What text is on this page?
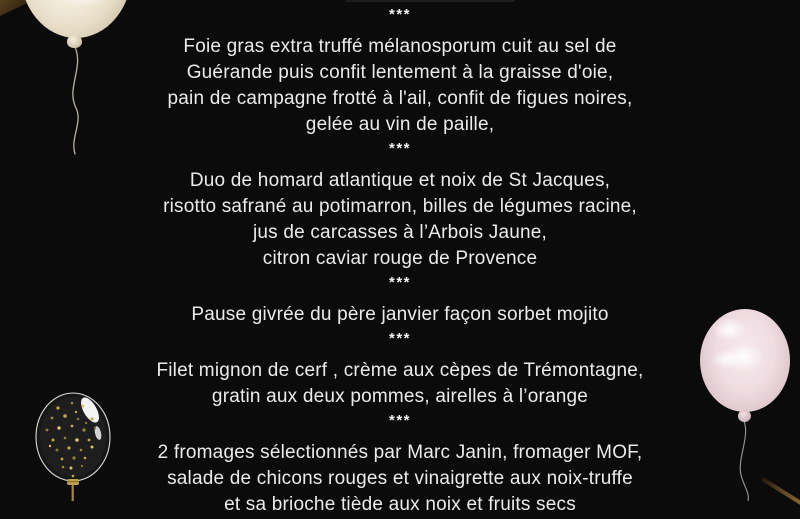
***
Foie gras extra truffé mélanosporum cuit au sel de
Guérande puis confit lentement à la graisse d'oie,
pain de campagne frotté à l'ail, confit de figues noires,
gelée au vin de paille,
***
Duo de homard atlantique et noix de St Jacques,
risotto safrané au potimarron, billes de légumes racine,
jus de carcasses à l’Arbois Jaune,
citron caviar rouge de Provence
***
Pause givrée du père janvier façon sorbet mojito
***
Filet mignon de cerf , crème aux cèpes de Trémontagne,
gratin aux deux pommes, airelles à l’orange
***
2 fromages sélectionnés par Marc Janin, fromager MOF,
salade de chicons rouges et vinaigrette aux noix-truffe
et sa brioche tiède aux noix et fruits secs
